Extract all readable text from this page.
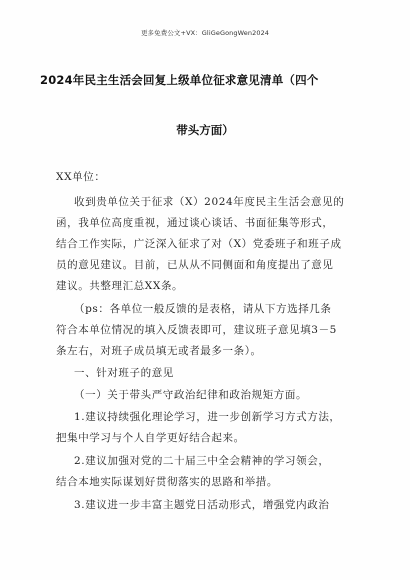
更多免费公文+VX：GliGeGongWen2024
2024年民主生活会回复上级单位征求意见清单（四个
带头方面）
XX单位：
收到贵单位关于征求（X）2024年度民主生活会意见的
函，我单位高度重视，通过谈心谈话、书面征集等形式，
结合工作实际，广泛深入征求了对（X）党委班子和班子成
员的意见建议。目前，已从从不同侧面和角度提出了意见
建议。共整理汇总XX条。
（ps：各单位一般反馈的是表格，请从下方选择几条
符合本单位情况的填入反馈表即可，建议班子意见填3－5
条左右，对班子成员填无或者最多一条）。
一、针对班子的意见
（一）关于带头严守政治纪律和政治规矩方面。
1.建议持续强化理论学习，进一步创新学习方式方法，
把集中学习与个人自学更好结合起来。
2.建议加强对党的二十届三中全会精神的学习领会，
结合本地实际谋划好贯彻落实的思路和举措。
3.建议进一步丰富主题党日活动形式，增强党内政治
